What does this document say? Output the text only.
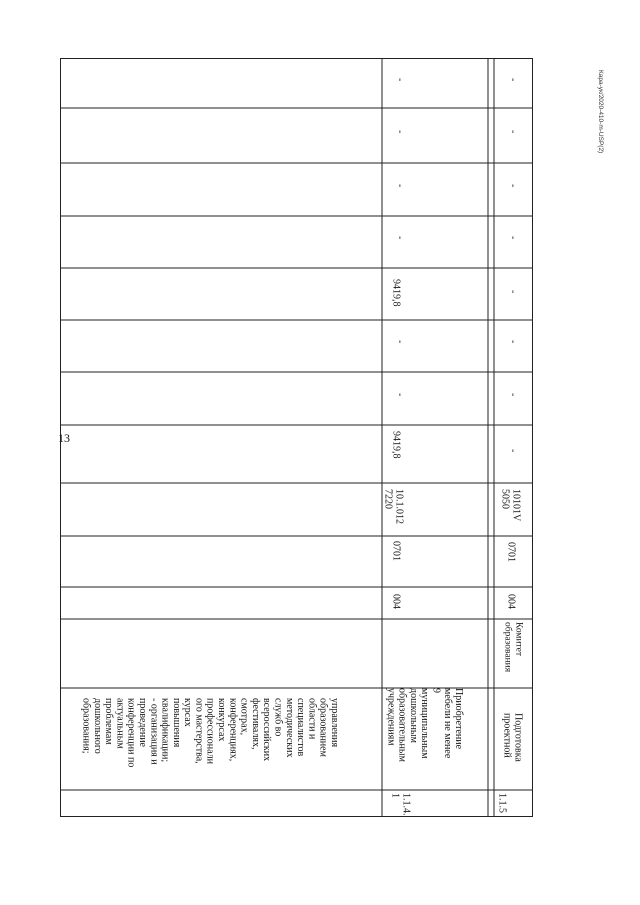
13
Кара-ук/2020-410-m-USP(2)
управления
образованием
области и
специалистов
методических
служб во
всероссийских
фестивалях,
смотрах,
конференциях,
конкурсах
профессионали
ого мастерства,
курсах
повышения
квалификации;
- организация и
проведение
конференции по
актуальным
проблемам
дошкольного
образования;
1.1.4.
1
Приобретение
мебели не менее
9
муниципальным
дошкольным
образовательным
учреждениям
004
0701
10.1.012
7220
9419,8
-
-
9419,8
-
-
-
-
1.1.5
Подготовка
проектной
Комитет
образования
004
0701
10101V
5050
-
-
-
-
-
-
-
-
